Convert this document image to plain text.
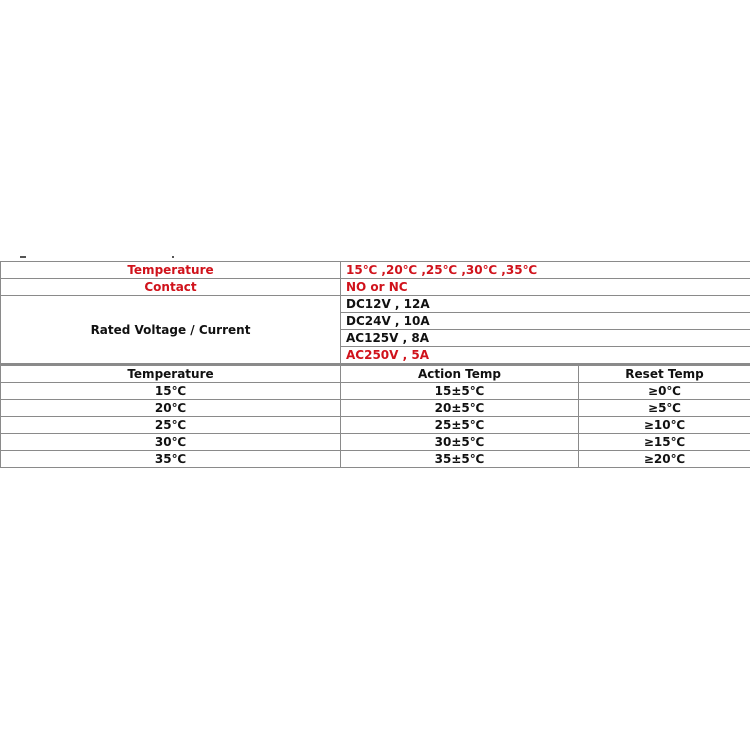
Temperature	15℃ ,20℃ ,25℃ ,30℃ ,35℃	
Contact	NO or NC	
Rated Voltage / Current	DC12V , 12A	
	DC24V , 10A	
	AC125V , 8A	
	AC250V , 5A	
Temperature	Action Temp	Reset Temp
15℃	15±5℃	≥0℃
20℃	20±5℃	≥5℃
25℃	25±5℃	≥10℃
30℃	30±5℃	≥15℃
35℃	35±5℃	≥20℃
